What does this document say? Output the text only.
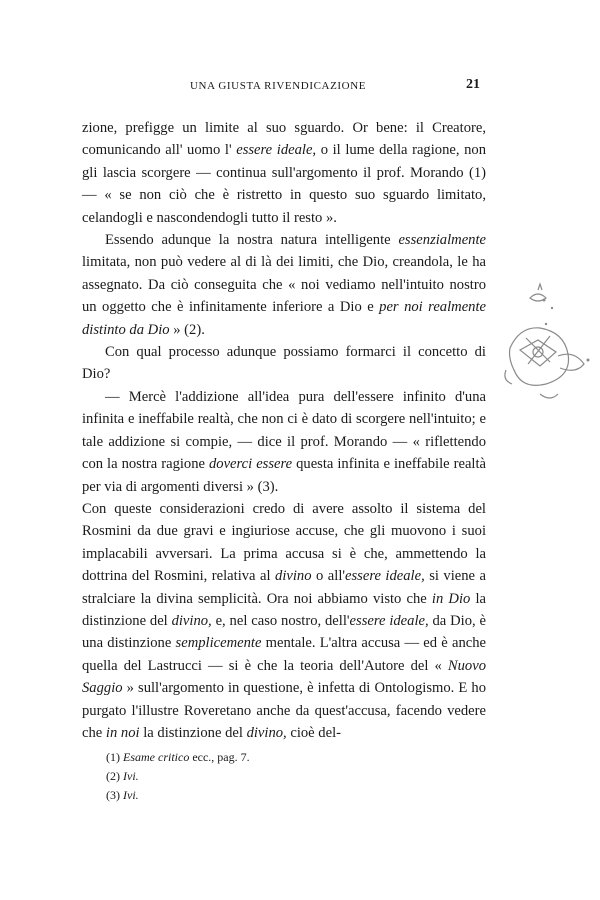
UNA GIUSTA RIVENDICAZIONE	21

zione, prefigge un limite al suo sguardo. Or bene: il Creatore, comunicando all' uomo l' essere ideale, o il lume della ragione, non gli lascia scorgere — continua sull'argomento il prof. Morando (1) — « se non ciò che è ristretto in questo suo sguardo limitato, celandogli e nascondendogli tutto il resto ».

Essendo adunque la nostra natura intelligente essenzialmente limitata, non può vedere al di là dei limiti, che Dio, creandola, le ha assegnato. Da ciò conseguita che « noi vediamo nell'intuito nostro un oggetto che è infinitamente inferiore a Dio e per noi realmente distinto da Dio » (2).

Con qual processo adunque possiamo formarci il concetto di Dio?

— Mercè l'addizione all'idea pura dell'essere infinito d'una infinita e ineffabile realtà, che non ci è dato di scorgere nell'intuito; e tale addizione si compie, — dice il prof. Morando — « riflettendo con la nostra ragione doverci essere questa infinita e ineffabile realtà per via di argomenti diversi » (3).

Con queste considerazioni credo di avere assolto il sistema del Rosmini da due gravi e ingiuriose accuse, che gli muovono i suoi implacabili avversari. La prima accusa si è che, ammettendo la dottrina del Rosmini, relativa al divino o all'essere ideale, si viene a stralciare la divina semplicità. Ora noi abbiamo visto che in Dio la distinzione del divino, e, nel caso nostro, dell'essere ideale, da Dio, è una distinzione semplicemente mentale. L'altra accusa — ed è anche quella del Lastrucci — si è che la teoria dell'Autore del « Nuovo Saggio » sull'argomento in questione, è infetta di Ontologismo. E ho purgato l'illustre Roveretano anche da quest'accusa, facendo vedere che in noi la distinzione del divino, cioè del-

(1) Esame critico ecc., pag. 7.
(2) Ivi.
(3) Ivi.
